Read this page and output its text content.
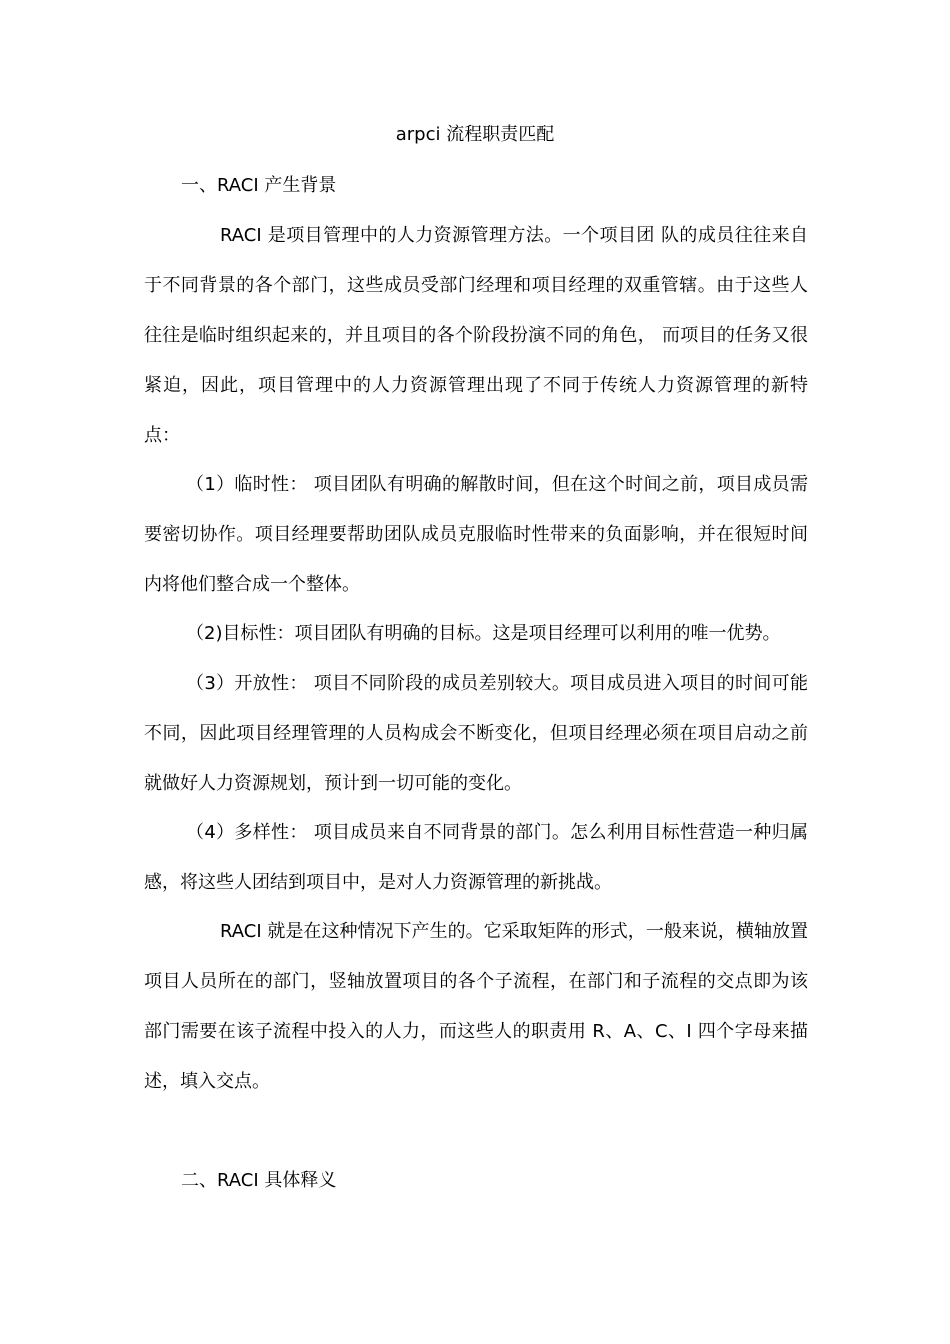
arpci 流程职责匹配
一、RACI 产生背景

RACI 是项目管理中的人力资源管理方法。一个项目团 队的成员往往来自于不同背景的各个部门，这些成员受部门经理和项目经理的双重管辖。由于这些人往往是临时组织起来的，并且项目的各个阶段扮演不同的角色， 而项目的任务又很紧迫，因此，项目管理中的人力资源管理出现了不同于传统人力资源管理的新特点：

（1）临时性： 项目团队有明确的解散时间，但在这个时间之前，项目成员需要密切协作。项目经理要帮助团队成员克服临时性带来的负面影响，并在很短时间内将他们整合成一个整体。

（2)目标性：项目团队有明确的目标。这是项目经理可以利用的唯一优势。

（3）开放性： 项目不同阶段的成员差别较大。项目成员进入项目的时间可能不同，因此项目经理管理的人员构成会不断变化，但项目经理必须在项目启动之前就做好人力资源规划，预计到一切可能的变化。

（4）多样性： 项目成员来自不同背景的部门。怎么利用目标性营造一种归属感，将这些人团结到项目中，是对人力资源管理的新挑战。

RACI 就是在这种情况下产生的。它采取矩阵的形式，一般来说，横轴放置项目人员所在的部门，竖轴放置项目的各个子流程，在部门和子流程的交点即为该部门需要在该子流程中投入的人力，而这些人的职责用 R、A、C、I 四个字母来描述，填入交点。

二、RACI 具体释义
